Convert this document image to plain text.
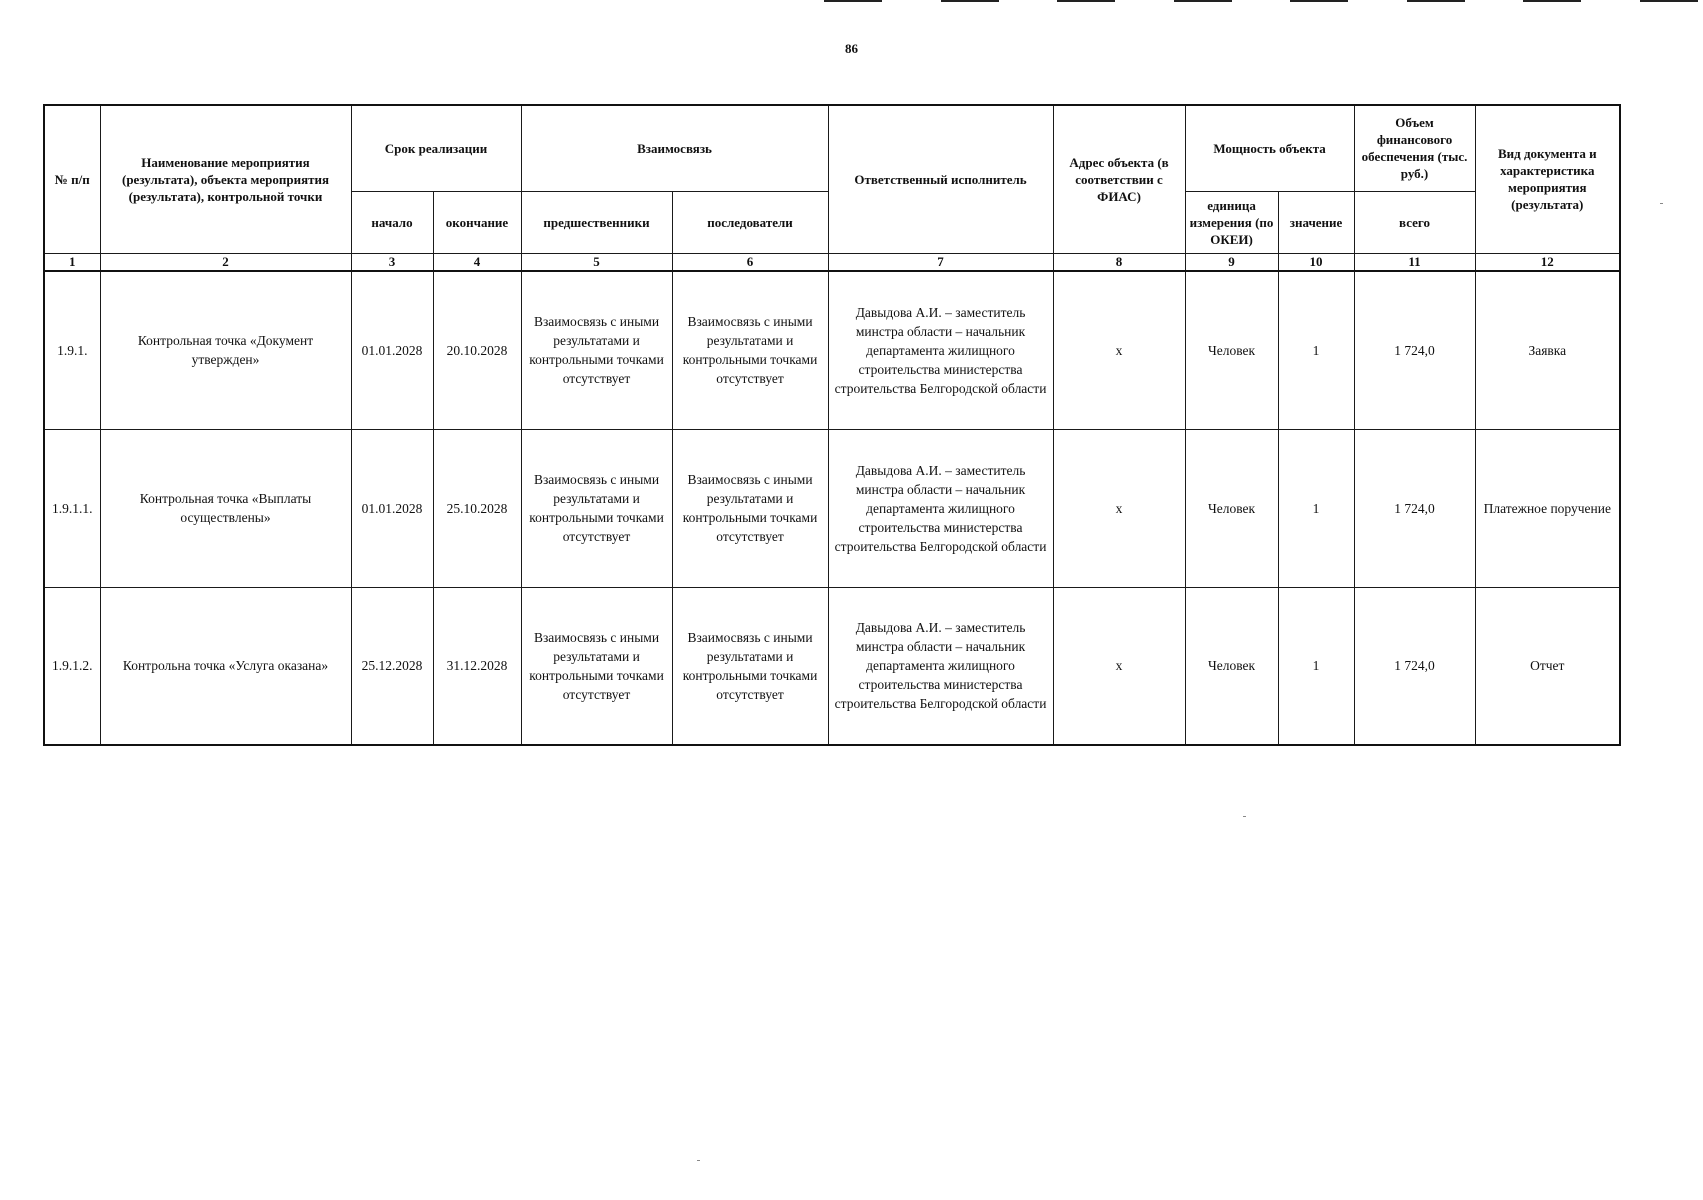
86
№ п/п	Наименование мероприятия (результата), объекта мероприятия (результата), контрольной точки	Срок реализации		Взаимосвязь		Ответственный исполнитель	Адрес объекта (в соответствии с ФИАС)	Мощность объекта		Объем финансового обеспечения (тыс. руб.)	Вид документа и характеристика мероприятия (результата)
		начало	окончание	предшественники	последователи			единица измерения (по ОКЕИ)	значение	всего	
1	2	3	4	5	6	7	8	9	10	11	12
1.9.1.	Контрольная точка «Документ утвержден»	01.01.2028	20.10.2028	Взаимосвязь с иными результатами и контрольными точками отсутствует	Взаимосвязь с иными результатами и контрольными точками отсутствует	Давыдова А.И. – заместитель минстра области – начальник департамента жилищного строительства министерства строительства Белгородской области	х	Человек	1	1 724,0	Заявка
1.9.1.1.	Контрольная точка «Выплаты осуществлены»	01.01.2028	25.10.2028	Взаимосвязь с иными результатами и контрольными точками отсутствует	Взаимосвязь с иными результатами и контрольными точками отсутствует	Давыдова А.И. – заместитель минстра области – начальник департамента жилищного строительства министерства строительства Белгородской области	х	Человек	1	1 724,0	Платежное поручение
1.9.1.2.	Контрольна точка «Услуга оказана»	25.12.2028	31.12.2028	Взаимосвязь с иными результатами и контрольными точками отсутствует	Взаимосвязь с иными результатами и контрольными точками отсутствует	Давыдова А.И. – заместитель минстра области – начальник департамента жилищного строительства министерства строительства Белгородской области	х	Человек	1	1 724,0	Отчет
